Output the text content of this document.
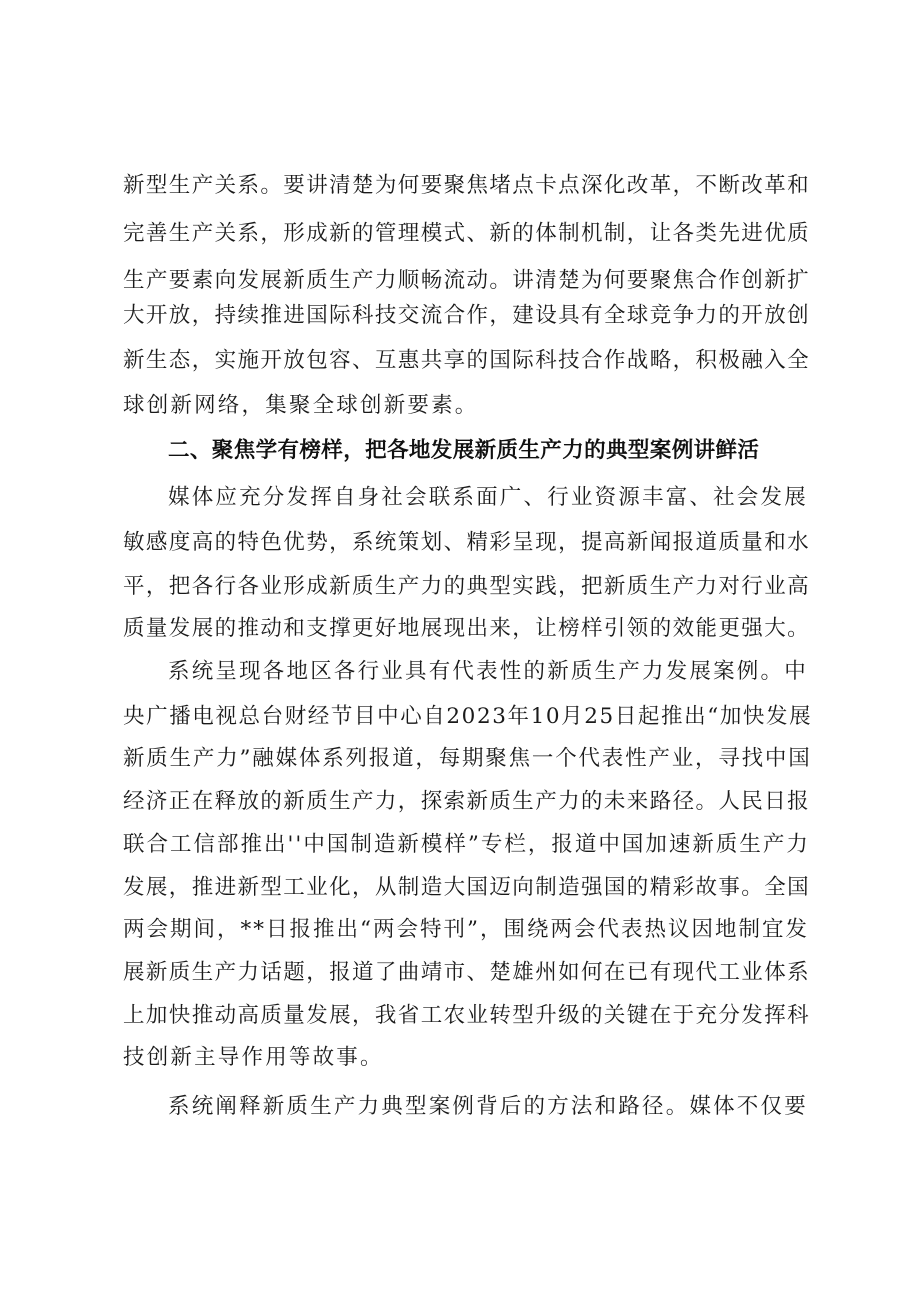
新型生产关系。要讲清楚为何要聚焦堵点卡点深化改革，不断改革和

完善生产关系，形成新的管理模式、新的体制机制，让各类先进优质

生产要素向发展新质生产力顺畅流动。讲清楚为何要聚焦合作创新扩

大开放，持续推进国际科技交流合作，建设具有全球竞争力的开放创

新生态，实施开放包容、互惠共享的国际科技合作战略，积极融入全

球创新网络，集聚全球创新要素。

二、聚焦学有榜样，把各地发展新质生产力的典型案例讲鲜活

媒体应充分发挥自身社会联系面广、行业资源丰富、社会发展

敏感度高的特色优势，系统策划、精彩呈现，提高新闻报道质量和水

平，把各行各业形成新质生产力的典型实践，把新质生产力对行业高

质量发展的推动和支撑更好地展现出来，让榜样引领的效能更强大。

系统呈现各地区各行业具有代表性的新质生产力发展案例。中

央广播电视总台财经节目中心自2023年10月25日起推出“加快发展

新质生产力”融媒体系列报道，每期聚焦一个代表性产业，寻找中国

经济正在释放的新质生产力，探索新质生产力的未来路径。人民日报

联合工信部推出''中国制造新模样”专栏，报道中国加速新质生产力

发展，推进新型工业化，从制造大国迈向制造强国的精彩故事。全国

两会期间，**日报推出“两会特刊”，围绕两会代表热议因地制宜发

展新质生产力话题，报道了曲靖市、楚雄州如何在已有现代工业体系

上加快推动高质量发展，我省工农业转型升级的关键在于充分发挥科

技创新主导作用等故事。

系统阐释新质生产力典型案例背后的方法和路径。媒体不仅要
